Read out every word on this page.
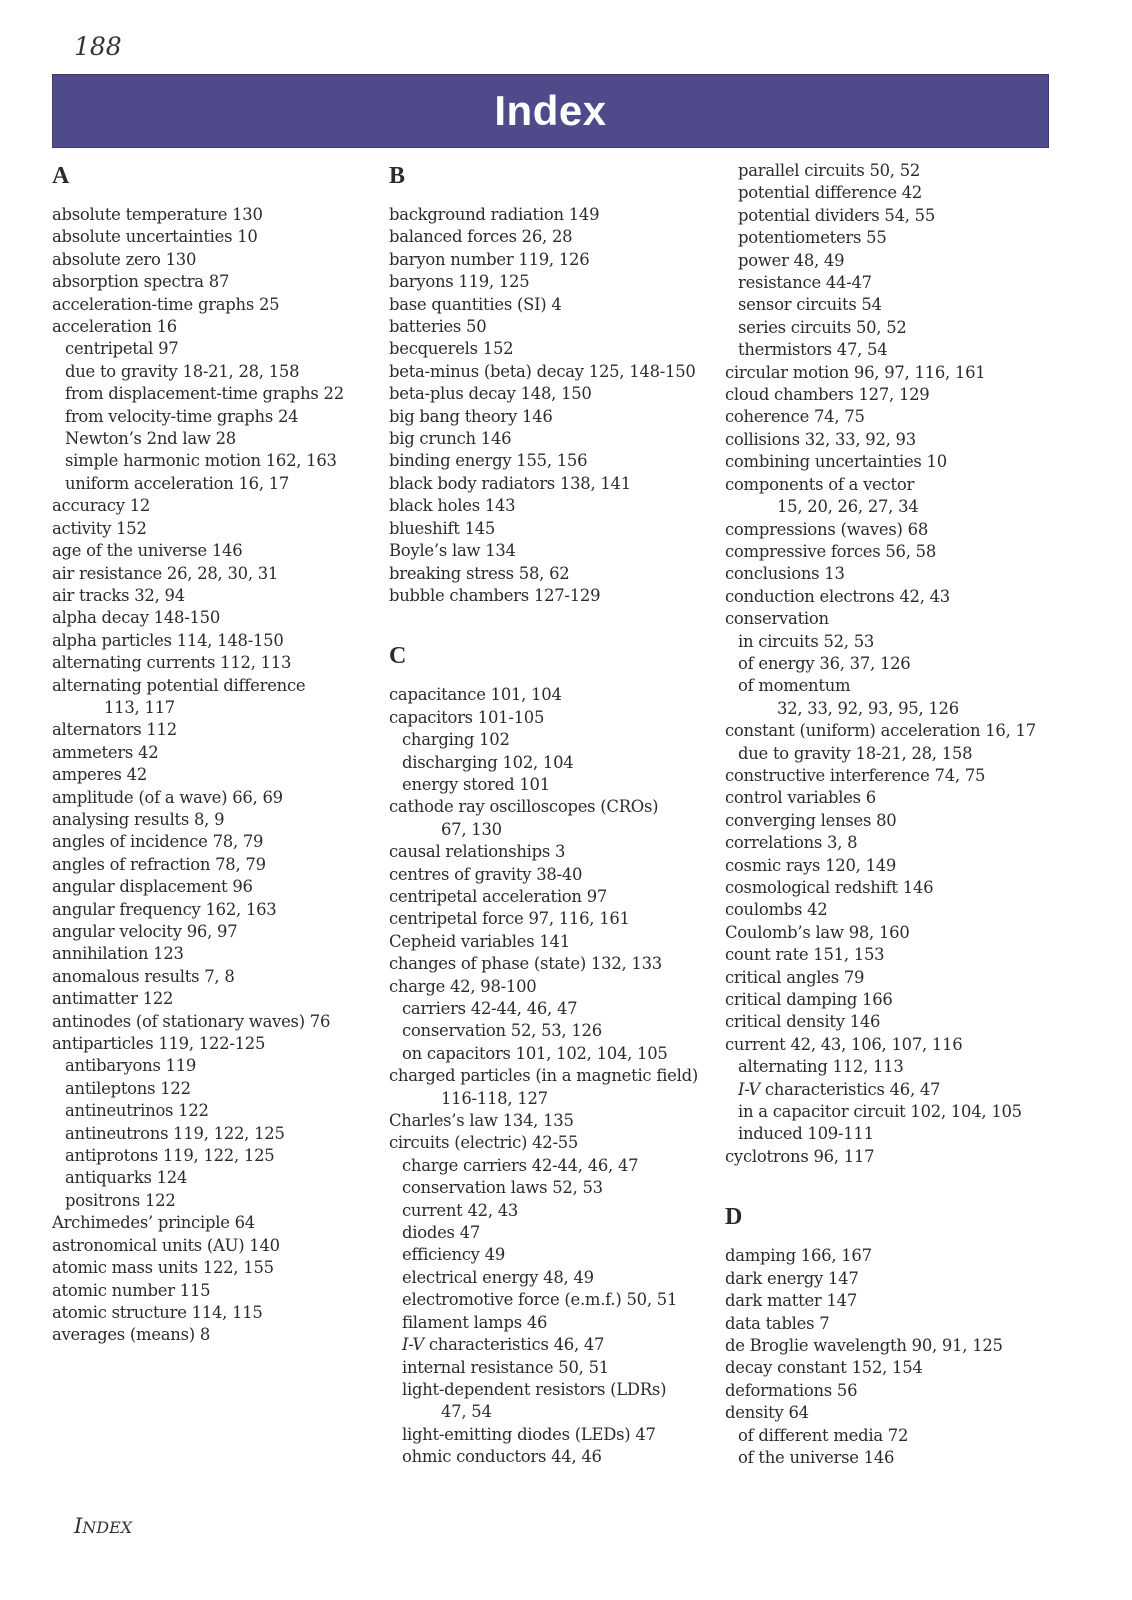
188
Index
A
absolute temperature 130
absolute uncertainties 10
absolute zero 130
absorption spectra 87
acceleration-time graphs 25
acceleration 16
centripetal 97
due to gravity 18-21, 28, 158
from displacement-time graphs 22
from velocity-time graphs 24
Newton’s 2nd law 28
simple harmonic motion 162, 163
uniform acceleration 16, 17
accuracy 12
activity 152
age of the universe 146
air resistance 26, 28, 30, 31
air tracks 32, 94
alpha decay 148-150
alpha particles 114, 148-150
alternating currents 112, 113
alternating potential difference
113, 117
alternators 112
ammeters 42
amperes 42
amplitude (of a wave) 66, 69
analysing results 8, 9
angles of incidence 78, 79
angles of refraction 78, 79
angular displacement 96
angular frequency 162, 163
angular velocity 96, 97
annihilation 123
anomalous results 7, 8
antimatter 122
antinodes (of stationary waves) 76
antiparticles 119, 122-125
antibaryons 119
antileptons 122
antineutrinos 122
antineutrons 119, 122, 125
antiprotons 119, 122, 125
antiquarks 124
positrons 122
Archimedes’ principle 64
astronomical units (AU) 140
atomic mass units 122, 155
atomic number 115
atomic structure 114, 115
averages (means) 8
B
background radiation 149
balanced forces 26, 28
baryon number 119, 126
baryons 119, 125
base quantities (SI) 4
batteries 50
becquerels 152
beta-minus (beta) decay 125, 148-150
beta-plus decay 148, 150
big bang theory 146
big crunch 146
binding energy 155, 156
black body radiators 138, 141
black holes 143
blueshift 145
Boyle’s law 134
breaking stress 58, 62
bubble chambers 127-129
C
capacitance 101, 104
capacitors 101-105
charging 102
discharging 102, 104
energy stored 101
cathode ray oscilloscopes (CROs)
67, 130
causal relationships 3
centres of gravity 38-40
centripetal acceleration 97
centripetal force 97, 116, 161
Cepheid variables 141
changes of phase (state) 132, 133
charge 42, 98-100
carriers 42-44, 46, 47
conservation 52, 53, 126
on capacitors 101, 102, 104, 105
charged particles (in a magnetic field)
116-118, 127
Charles’s law 134, 135
circuits (electric) 42-55
charge carriers 42-44, 46, 47
conservation laws 52, 53
current 42, 43
diodes 47
efficiency 49
electrical energy 48, 49
electromotive force (e.m.f.) 50, 51
filament lamps 46
I-V characteristics 46, 47
internal resistance 50, 51
light-dependent resistors (LDRs)
47, 54
light-emitting diodes (LEDs) 47
ohmic conductors 44, 46
parallel circuits 50, 52
potential difference 42
potential dividers 54, 55
potentiometers 55
power 48, 49
resistance 44-47
sensor circuits 54
series circuits 50, 52
thermistors 47, 54
circular motion 96, 97, 116, 161
cloud chambers 127, 129
coherence 74, 75
collisions 32, 33, 92, 93
combining uncertainties 10
components of a vector
15, 20, 26, 27, 34
compressions (waves) 68
compressive forces 56, 58
conclusions 13
conduction electrons 42, 43
conservation
in circuits 52, 53
of energy 36, 37, 126
of momentum
32, 33, 92, 93, 95, 126
constant (uniform) acceleration 16, 17
due to gravity 18-21, 28, 158
constructive interference 74, 75
control variables 6
converging lenses 80
correlations 3, 8
cosmic rays 120, 149
cosmological redshift 146
coulombs 42
Coulomb’s law 98, 160
count rate 151, 153
critical angles 79
critical damping 166
critical density 146
current 42, 43, 106, 107, 116
alternating 112, 113
I-V characteristics 46, 47
in a capacitor circuit 102, 104, 105
induced 109-111
cyclotrons 96, 117
D
damping 166, 167
dark energy 147
dark matter 147
data tables 7
de Broglie wavelength 90, 91, 125
decay constant 152, 154
deformations 56
density 64
of different media 72
of the universe 146
INDEX
